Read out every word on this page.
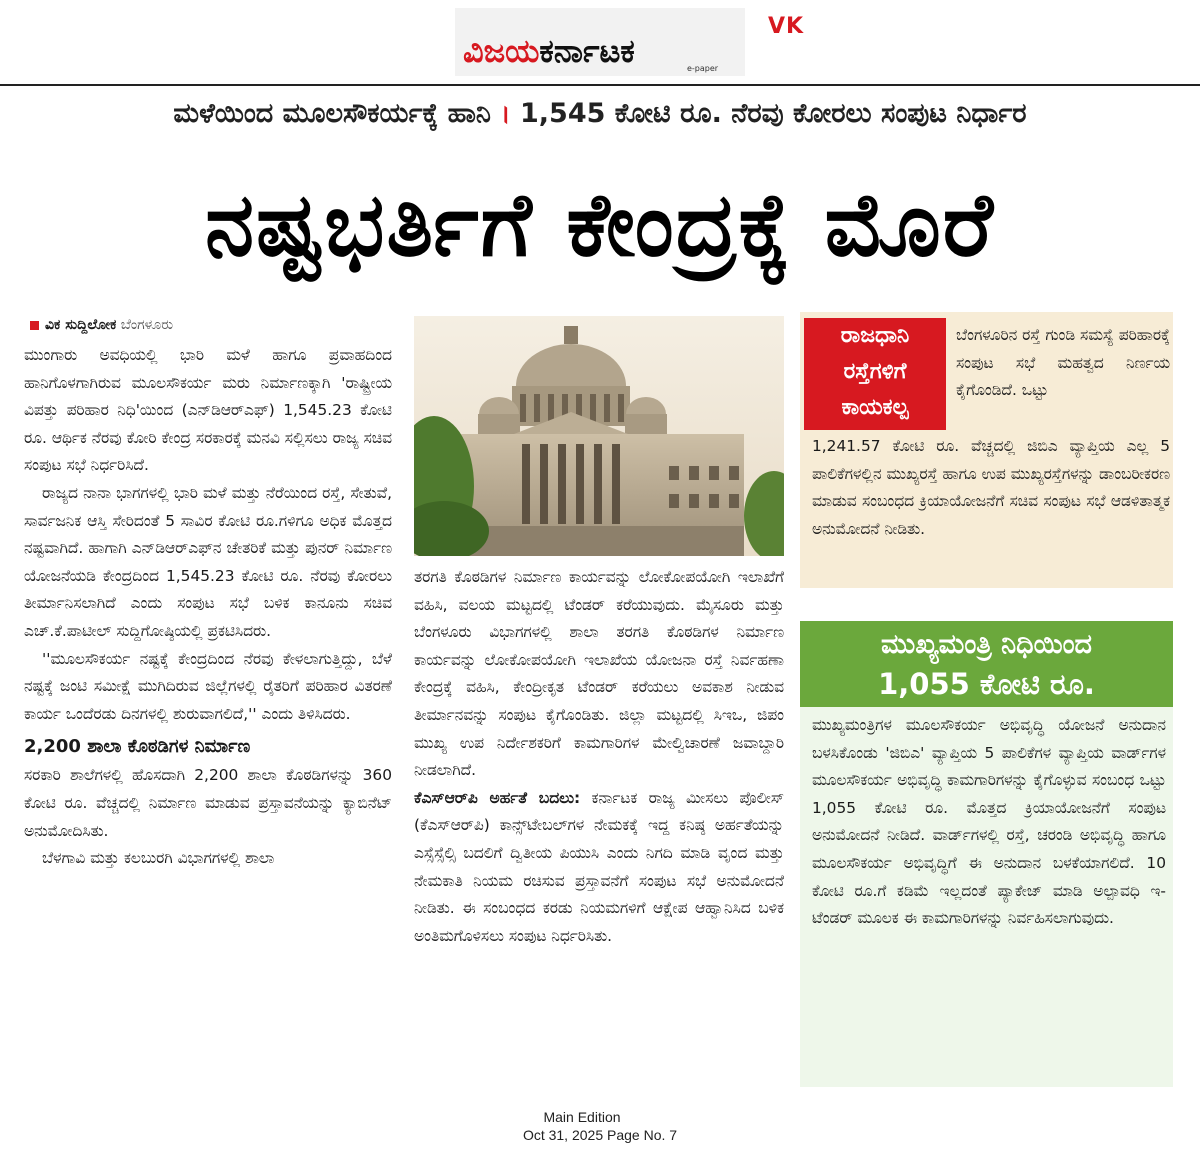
VK
ವಿಜಯಕರ್ನಾಟಕ	e-paper
ಮಳೆಯಿಂದ ಮೂಲಸೌಕರ್ಯಕ್ಕೆ ಹಾನಿ । 1,545 ಕೋಟಿ ರೂ. ನೆರವು ಕೋರಲು ಸಂಪುಟ ನಿರ್ಧಾರ
ನಷ್ಟಭರ್ತಿಗೆ ಕೇಂದ್ರಕ್ಕೆ ಮೊರೆ
ವಿಕ ಸುದ್ದಿಲೋಕ ಬೆಂಗಳೂರು

ಮುಂಗಾರು ಅವಧಿಯಲ್ಲಿ ಭಾರಿ ಮಳೆ ಹಾಗೂ ಪ್ರವಾಹದಿಂದ ಹಾನಿಗೊಳಗಾಗಿರುವ ಮೂಲಸೌಕರ್ಯ ಮರು ನಿರ್ಮಾಣಕ್ಕಾಗಿ 'ರಾಷ್ಟ್ರೀಯ ವಿಪತ್ತು ಪರಿಹಾರ ನಿಧಿ'ಯಿಂದ (ಎನ್‌ಡಿಆರ್‌ಎಫ್) 1,545.23 ಕೋಟಿ ರೂ. ಆರ್ಥಿಕ ನೆರವು ಕೋರಿ ಕೇಂದ್ರ ಸರಕಾರಕ್ಕೆ ಮನವಿ ಸಲ್ಲಿಸಲು ರಾಜ್ಯ ಸಚಿವ ಸಂಪುಟ ಸಭೆ ನಿರ್ಧರಿಸಿದೆ.

ರಾಜ್ಯದ ನಾನಾ ಭಾಗಗಳಲ್ಲಿ ಭಾರಿ ಮಳೆ ಮತ್ತು ನೆರೆಯಿಂದ ರಸ್ತೆ, ಸೇತುವೆ, ಸಾರ್ವಜನಿಕ ಆಸ್ತಿ ಸೇರಿದಂತೆ 5 ಸಾವಿರ ಕೋಟಿ ರೂ.ಗಳಿಗೂ ಅಧಿಕ ಮೊತ್ತದ ನಷ್ಟವಾಗಿದೆ. ಹಾಗಾಗಿ ಎನ್‌ಡಿಆರ್‌ಎಫ್‌ನ ಚೇತರಿಕೆ ಮತ್ತು ಪುನರ್ ನಿರ್ಮಾಣ ಯೋಜನೆಯಡಿ ಕೇಂದ್ರದಿಂದ 1,545.23 ಕೋಟಿ ರೂ. ನೆರವು ಕೋರಲು ತೀರ್ಮಾನಿಸಲಾಗಿದೆ ಎಂದು ಸಂಪುಟ ಸಭೆ ಬಳಿಕ ಕಾನೂನು ಸಚಿವ ಎಚ್.ಕೆ.ಪಾಟೀಲ್ ಸುದ್ದಿಗೋಷ್ಠಿಯಲ್ಲಿ ಪ್ರಕಟಿಸಿದರು.

''ಮೂಲಸೌಕರ್ಯ ನಷ್ಟಕ್ಕೆ ಕೇಂದ್ರದಿಂದ ನೆರವು ಕೇಳಲಾಗುತ್ತಿದ್ದು, ಬೆಳೆ ನಷ್ಟಕ್ಕೆ ಜಂಟಿ ಸಮೀಕ್ಷೆ ಮುಗಿದಿರುವ ಜಿಲ್ಲೆಗಳಲ್ಲಿ ರೈತರಿಗೆ ಪರಿಹಾರ ವಿತರಣೆ ಕಾರ್ಯ ಒಂದೆರಡು ದಿನಗಳಲ್ಲಿ ಶುರುವಾಗಲಿದೆ,'' ಎಂದು ತಿಳಿಸಿದರು.

2,200 ಶಾಲಾ ಕೊಠಡಿಗಳ ನಿರ್ಮಾಣ

ಸರಕಾರಿ ಶಾಲೆಗಳಲ್ಲಿ ಹೊಸದಾಗಿ 2,200 ಶಾಲಾ ಕೊಠಡಿಗಳನ್ನು 360 ಕೋಟಿ ರೂ. ವೆಚ್ಚದಲ್ಲಿ ನಿರ್ಮಾಣ ಮಾಡುವ ಪ್ರಸ್ತಾವನೆಯನ್ನು ಕ್ಯಾಬಿನೆಟ್ ಅನುಮೋದಿಸಿತು.

ಬೆಳಗಾವಿ ಮತ್ತು ಕಲಬುರಗಿ ವಿಭಾಗಗಳಲ್ಲಿ ಶಾಲಾ

ತರಗತಿ ಕೊಠಡಿಗಳ ನಿರ್ಮಾಣ ಕಾರ್ಯವನ್ನು ಲೋಕೋಪಯೋಗಿ ಇಲಾಖೆಗೆ ವಹಿಸಿ, ವಲಯ ಮಟ್ಟದಲ್ಲಿ ಟೆಂಡರ್ ಕರೆಯುವುದು. ಮೈಸೂರು ಮತ್ತು ಬೆಂಗಳೂರು ವಿಭಾಗಗಳಲ್ಲಿ ಶಾಲಾ ತರಗತಿ ಕೊಠಡಿಗಳ ನಿರ್ಮಾಣ ಕಾರ್ಯವನ್ನು ಲೋಕೋಪಯೋಗಿ ಇಲಾಖೆಯ ಯೋಜನಾ ರಸ್ತೆ ನಿರ್ವಹಣಾ ಕೇಂದ್ರಕ್ಕೆ ವಹಿಸಿ, ಕೇಂದ್ರೀಕೃತ ಟೆಂಡರ್ ಕರೆಯಲು ಅವಕಾಶ ನೀಡುವ ತೀರ್ಮಾನವನ್ನು ಸಂಪುಟ ಕೈಗೊಂಡಿತು. ಜಿಲ್ಲಾ ಮಟ್ಟದಲ್ಲಿ ಸಿಇಒ, ಜಿಪಂ ಮುಖ್ಯ ಉಪ ನಿರ್ದೇಶಕರಿಗೆ ಕಾಮಗಾರಿಗಳ ಮೇಲ್ವಿಚಾರಣೆ ಜವಾಬ್ದಾರಿ ನೀಡಲಾಗಿದೆ.

ಕೆಎಸ್‌ಆರ್‌ಪಿ ಅರ್ಹತೆ ಬದಲು: ಕರ್ನಾಟಕ ರಾಜ್ಯ ಮೀಸಲು ಪೊಲೀಸ್ (ಕೆಎಸ್‌ಆರ್‌ಪಿ) ಕಾನ್ಸ್‌ಟೇಬಲ್‌ಗಳ ನೇಮಕಕ್ಕೆ ಇದ್ದ ಕನಿಷ್ಠ ಅರ್ಹತೆಯನ್ನು ಎಸ್ಸೆಸ್ಸೆಲ್ಸಿ ಬದಲಿಗೆ ದ್ವಿತೀಯ ಪಿಯುಸಿ ಎಂದು ನಿಗದಿ ಮಾಡಿ ವೃಂದ ಮತ್ತು ನೇಮಕಾತಿ ನಿಯಮ ರಚಿಸುವ ಪ್ರಸ್ತಾವನೆಗೆ ಸಂಪುಟ ಸಭೆ ಅನುಮೋದನೆ ನೀಡಿತು. ಈ ಸಂಬಂಧದ ಕರಡು ನಿಯಮಗಳಿಗೆ ಆಕ್ಷೇಪ ಆಹ್ವಾನಿಸಿದ ಬಳಿಕ ಅಂತಿಮಗೊಳಿಸಲು ಸಂಪುಟ ನಿರ್ಧರಿಸಿತು.

ರಾಜಧಾನಿ
ರಸ್ತೆಗಳಿಗೆ
ಕಾಯಕಲ್ಪ
ಬೆಂಗಳೂರಿನ ರಸ್ತೆ ಗುಂಡಿ ಸಮಸ್ಯೆ ಪರಿಹಾರಕ್ಕೆ ಸಂಪುಟ ಸಭೆ ಮಹತ್ವದ ನಿರ್ಣಯ ಕೈಗೊಂಡಿದೆ. ಒಟ್ಟು
1,241.57 ಕೋಟಿ ರೂ. ವೆಚ್ಚದಲ್ಲಿ ಜಿಬಿಎ ವ್ಯಾಪ್ತಿಯ ಎಲ್ಲ 5 ಪಾಲಿಕೆಗಳಲ್ಲಿನ ಮುಖ್ಯರಸ್ತೆ ಹಾಗೂ ಉಪ ಮುಖ್ಯರಸ್ತೆಗಳನ್ನು ಡಾಂಬರೀಕರಣ ಮಾಡುವ ಸಂಬಂಧದ ಕ್ರಿಯಾಯೋಜನೆಗೆ ಸಚಿವ ಸಂಪುಟ ಸಭೆ ಆಡಳಿತಾತ್ಮಕ ಅನುಮೋದನೆ ನೀಡಿತು.
ಮುಖ್ಯಮಂತ್ರಿ ನಿಧಿಯಿಂದ
1,055 ಕೋಟಿ ರೂ.
ಮುಖ್ಯಮಂತ್ರಿಗಳ ಮೂಲಸೌಕರ್ಯ ಅಭಿವೃದ್ಧಿ ಯೋಜನೆ ಅನುದಾನ ಬಳಸಿಕೊಂಡು 'ಜಿಬಿಎ' ವ್ಯಾಪ್ತಿಯ 5 ಪಾಲಿಕೆಗಳ ವ್ಯಾಪ್ತಿಯ ವಾರ್ಡ್‌ಗಳ ಮೂಲಸೌಕರ್ಯ ಅಭಿವೃದ್ಧಿ ಕಾಮಗಾರಿಗಳನ್ನು ಕೈಗೊಳ್ಳುವ ಸಂಬಂಧ ಒಟ್ಟು 1,055 ಕೋಟಿ ರೂ. ಮೊತ್ತದ ಕ್ರಿಯಾಯೋಜನೆಗೆ ಸಂಪುಟ ಅನುಮೋದನೆ ನೀಡಿದೆ. ವಾರ್ಡ್‌ಗಳಲ್ಲಿ ರಸ್ತೆ, ಚರಂಡಿ ಅಭಿವೃದ್ಧಿ ಹಾಗೂ ಮೂಲಸೌಕರ್ಯ ಅಭಿವೃದ್ಧಿಗೆ ಈ ಅನುದಾನ ಬಳಕೆಯಾಗಲಿದೆ. 10 ಕೋಟಿ ರೂ.ಗೆ ಕಡಿಮೆ ಇಲ್ಲದಂತೆ ಪ್ಯಾಕೇಜ್ ಮಾಡಿ ಅಲ್ಪಾವಧಿ ಇ-ಟೆಂಡರ್ ಮೂಲಕ ಈ ಕಾಮಗಾರಿಗಳನ್ನು ನಿರ್ವಹಿಸಲಾಗುವುದು.
Main Edition
Oct 31, 2025 Page No. 7
